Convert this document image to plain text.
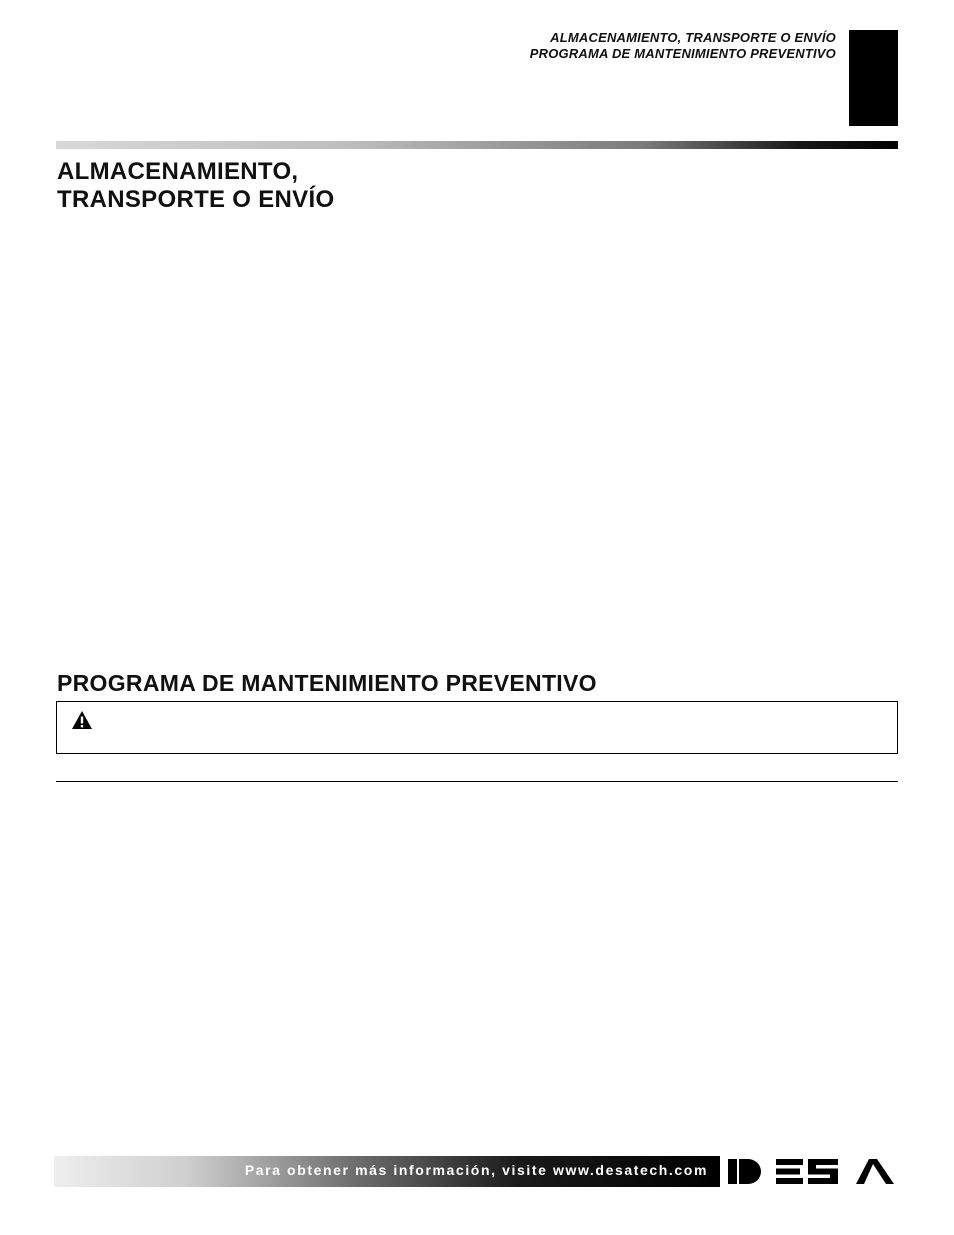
ALMACENAMIENTO, TRANSPORTE O ENVÍO
PROGRAMA DE MANTENIMIENTO PREVENTIVO
ALMACENAMIENTO,
TRANSPORTE O ENVÍO
PROGRAMA DE MANTENIMIENTO PREVENTIVO
Para obtener más información, visite www.desatech.com
